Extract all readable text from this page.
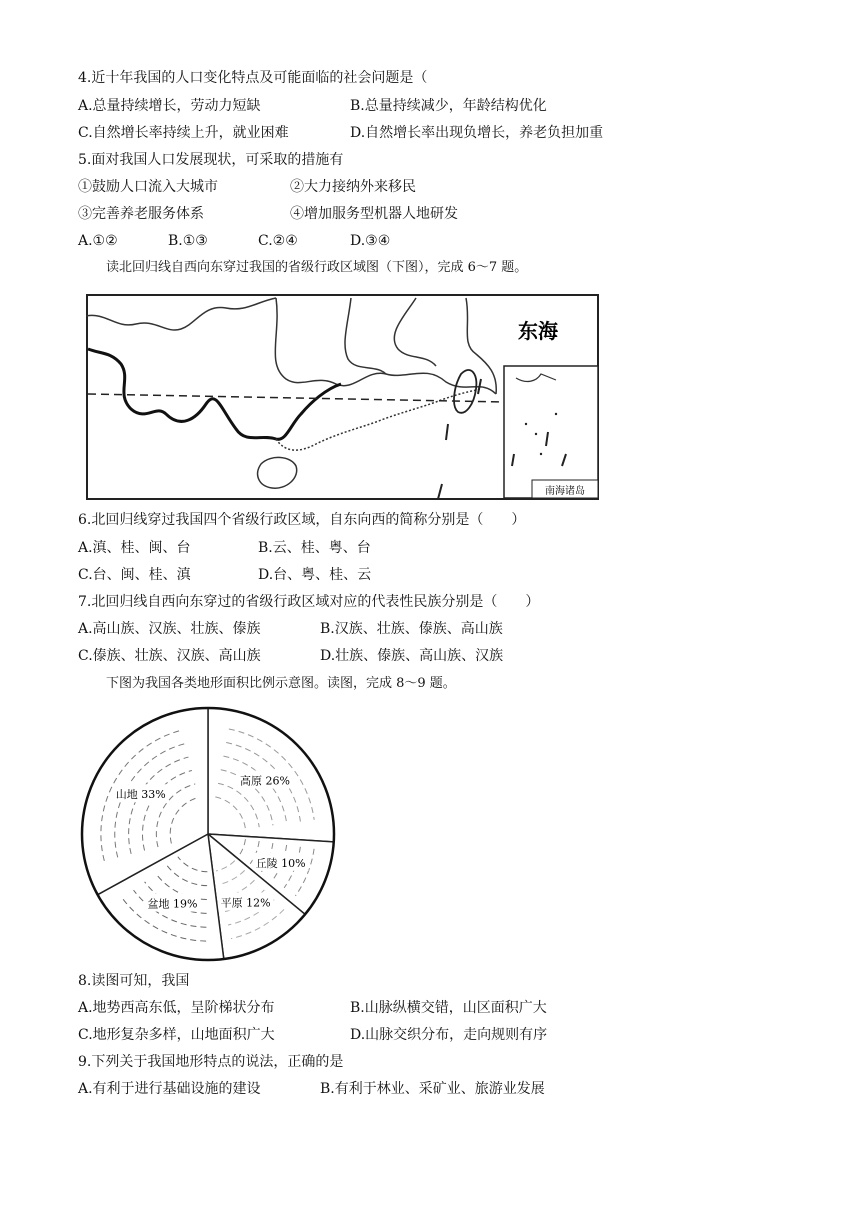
4.近十年我国的人口变化特点及可能面临的社会问题是（
A.总量持续增长，劳动力短缺	B.总量持续减少，年龄结构优化
C.自然增长率持续上升，就业困难	D.自然增长率出现负增长，养老负担加重
5.面对我国人口发展现状，可采取的措施有
①鼓励人口流入大城市	②大力接纳外来移民
③完善养老服务体系	④增加服务型机器人地研发
A.①②	B.①③	C.②④	D.③④
读北回归线自西向东穿过我国的省级行政区域图（下图），完成 6～7 题。
南海诸岛
东海
6.北回归线穿过我国四个省级行政区域，自东向西的简称分别是（　　）
A.滇、桂、闽、台	B.云、桂、粤、台
C.台、闽、桂、滇	D.台、粤、桂、云
7.北回归线自西向东穿过的省级行政区域对应的代表性民族分别是（　　）
A.高山族、汉族、壮族、傣族	B.汉族、壮族、傣族、高山族
C.傣族、壮族、汉族、高山族	D.壮族、傣族、高山族、汉族
下图为我国各类地形面积比例示意图。读图，完成 8～9 题。
高原 26%
丘陵 10%
平原 12%
盆地 19%
山地 33%
8.读图可知，我国
A.地势西高东低，呈阶梯状分布	B.山脉纵横交错，山区面积广大
C.地形复杂多样，山地面积广大	D.山脉交织分布，走向规则有序
9.下列关于我国地形特点的说法，正确的是
A.有利于进行基础设施的建设	B.有利于林业、采矿业、旅游业发展
